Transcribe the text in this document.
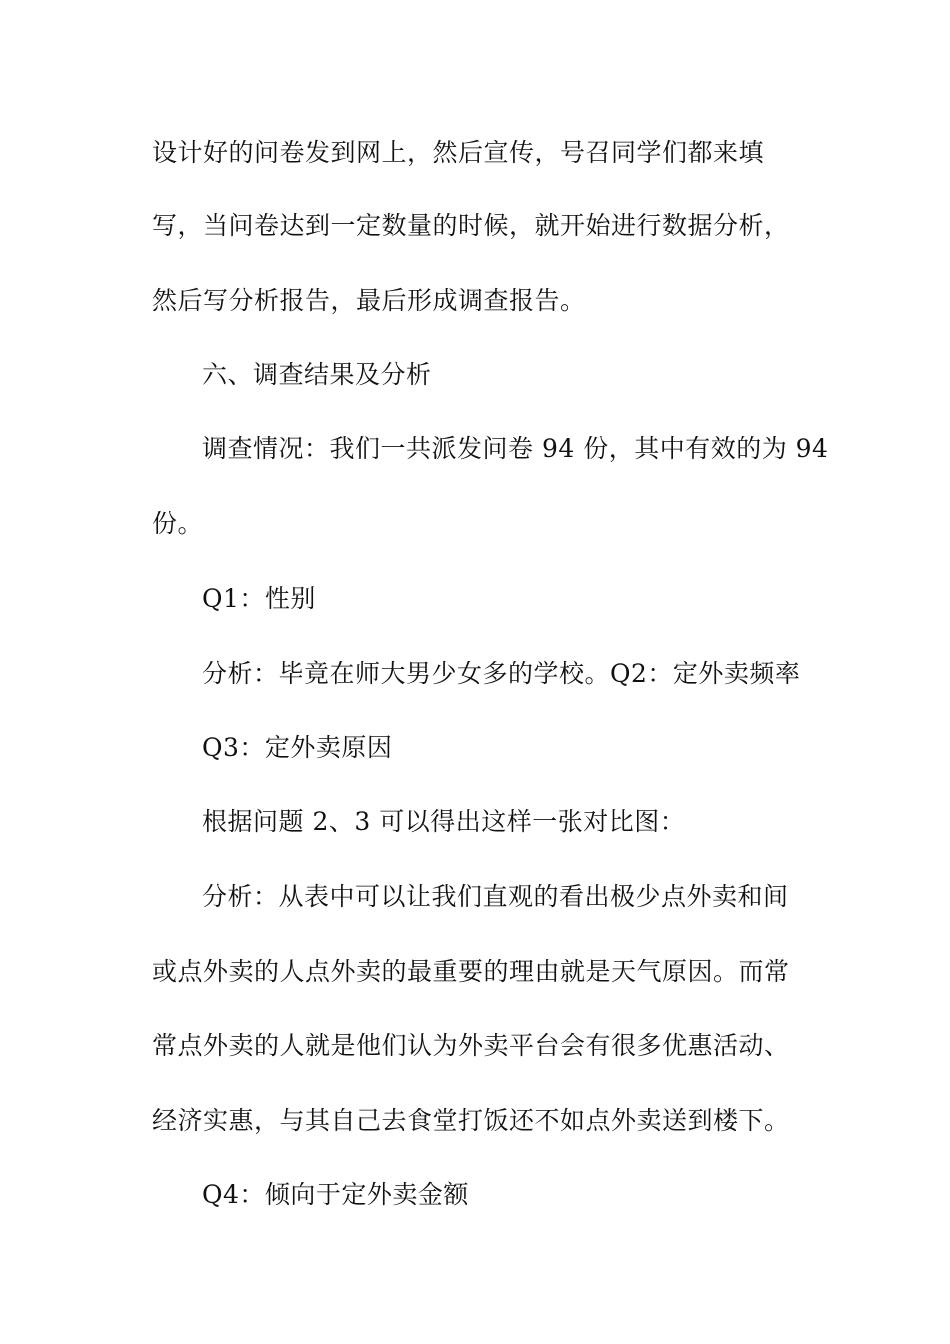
设计好的问卷发到网上，然后宣传，号召同学们都来填
写，当问卷达到一定数量的时候，就开始进行数据分析，
然后写分析报告，最后形成调查报告。
六、调查结果及分析
调查情况：我们一共派发问卷 94 份，其中有效的为 94
份。
Q1：性别
分析：毕竟在师大男少女多的学校。Q2：定外卖频率
Q3：定外卖原因
根据问题 2、3 可以得出这样一张对比图：
分析：从表中可以让我们直观的看出极少点外卖和间
或点外卖的人点外卖的最重要的理由就是天气原因。而常
常点外卖的人就是他们认为外卖平台会有很多优惠活动、
经济实惠，与其自己去食堂打饭还不如点外卖送到楼下。
Q4：倾向于定外卖金额
